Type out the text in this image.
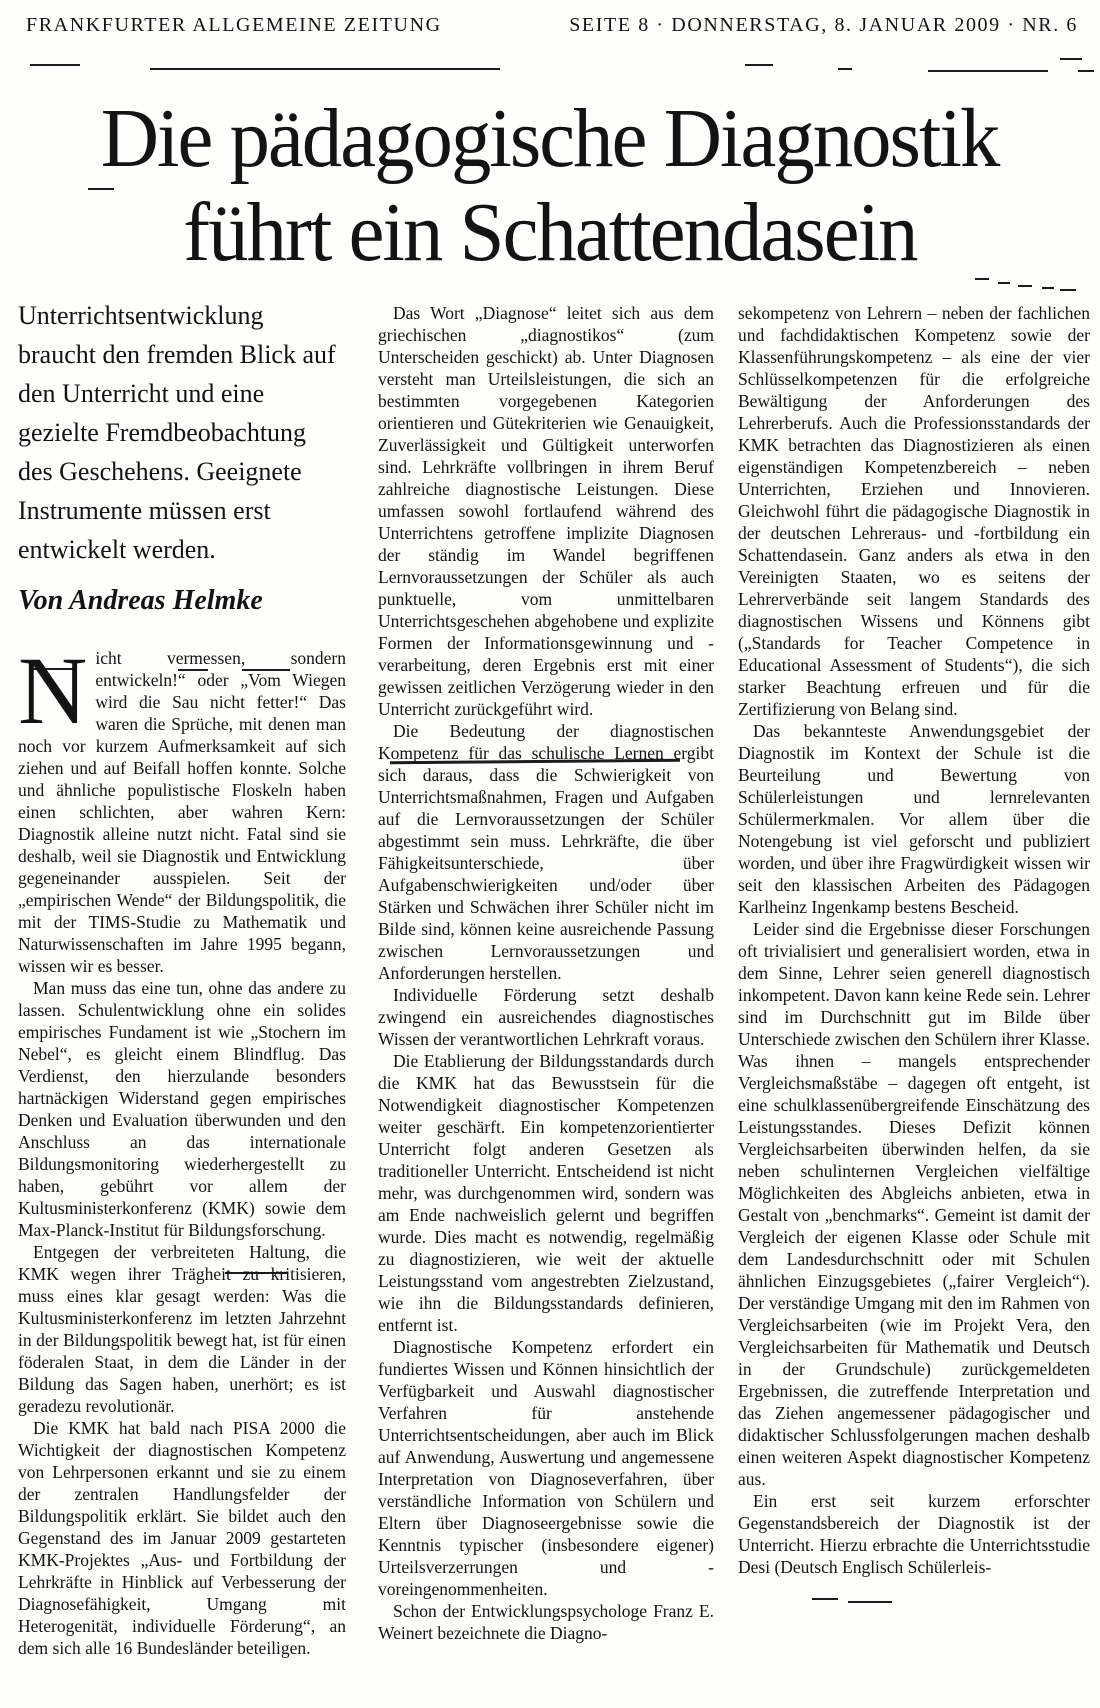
FRANKFURTER ALLGEMEINE ZEITUNG	SEITE 8 · DONNERSTAG, 8. JANUAR 2009 · NR. 6
Die pädagogische Diagnostik
führt ein Schattendasein

Unterrichtsentwicklung braucht den fremden Blick auf den Unterricht und eine gezielte Fremdbeobachtung des Geschehens. Geeignete Instrumente müssen erst entwickelt werden.

Von Andreas Helmke

Nicht vermessen, sondern entwickeln!“ oder „Vom Wiegen wird die Sau nicht fetter!“ Das waren die Sprüche, mit denen man noch vor kurzem Aufmerksamkeit auf sich ziehen und auf Beifall hoffen konnte. Solche und ähnliche populistische Floskeln haben einen schlichten, aber wahren Kern: Diagnostik alleine nutzt nicht. Fatal sind sie deshalb, weil sie Diagnostik und Entwicklung gegeneinander ausspielen. Seit der „empirischen Wende“ der Bildungspolitik, die mit der TIMS-Studie zu Mathematik und Naturwissenschaften im Jahre 1995 begann, wissen wir es besser.

Man muss das eine tun, ohne das andere zu lassen. Schulentwicklung ohne ein solides empirisches Fundament ist wie „Stochern im Nebel“, es gleicht einem Blindflug. Das Verdienst, den hierzulande besonders hartnäckigen Widerstand gegen empirisches Denken und Evaluation überwunden und den Anschluss an das internationale Bildungsmonitoring wiederhergestellt zu haben, gebührt vor allem der Kultusministerkonferenz (KMK) sowie dem Max-Planck-Institut für Bildungsforschung.

Entgegen der verbreiteten Haltung, die KMK wegen ihrer Trägheit zu kritisieren, muss eines klar gesagt werden: Was die Kultusministerkonferenz im letzten Jahrzehnt in der Bildungspolitik bewegt hat, ist für einen föderalen Staat, in dem die Länder in der Bildung das Sagen haben, unerhört; es ist geradezu revolutionär.

Die KMK hat bald nach PISA 2000 die Wichtigkeit der diagnostischen Kompetenz von Lehrpersonen erkannt und sie zu einem der zentralen Handlungsfelder der Bildungspolitik erklärt. Sie bildet auch den Gegenstand des im Januar 2009 gestarteten KMK-Projektes „Aus- und Fortbildung der Lehrkräfte in Hinblick auf Verbesserung der Diagnosefähigkeit, Umgang mit Heterogenität, individuelle Förderung“, an dem sich alle 16 Bundesländer beteiligen.

Das Wort „Diagnose“ leitet sich aus dem griechischen „diagnostikos“ (zum Unterscheiden geschickt) ab. Unter Diagnosen versteht man Urteilsleistungen, die sich an bestimmten vorgegebenen Kategorien orientieren und Gütekriterien wie Genauigkeit, Zuverlässigkeit und Gültigkeit unterworfen sind. Lehrkräfte vollbringen in ihrem Beruf zahlreiche diagnostische Leistungen. Diese umfassen sowohl fortlaufend während des Unterrichtens getroffene implizite Diagnosen der ständig im Wandel begriffenen Lernvoraussetzungen der Schüler als auch punktuelle, vom unmittelbaren Unterrichtsgeschehen abgehobene und explizite Formen der Informationsgewinnung und -verarbeitung, deren Ergebnis erst mit einer gewissen zeitlichen Verzögerung wieder in den Unterricht zurückgeführt wird.

Die Bedeutung der diagnostischen Kompetenz für das schulische Lernen ergibt sich daraus, dass die Schwierigkeit von Unterrichtsmaßnahmen, Fragen und Aufgaben auf die Lernvoraussetzungen der Schüler abgestimmt sein muss. Lehrkräfte, die über Fähigkeitsunterschiede, über Aufgabenschwierigkeiten und/oder über Stärken und Schwächen ihrer Schüler nicht im Bilde sind, können keine ausreichende Passung zwischen Lernvoraussetzungen und Anforderungen herstellen.

Individuelle Förderung setzt deshalb zwingend ein ausreichendes diagnostisches Wissen der verantwortlichen Lehrkraft voraus.

Die Etablierung der Bildungsstandards durch die KMK hat das Bewusstsein für die Notwendigkeit diagnostischer Kompetenzen weiter geschärft. Ein kompetenzorientierter Unterricht folgt anderen Gesetzen als traditioneller Unterricht. Entscheidend ist nicht mehr, was durchgenommen wird, sondern was am Ende nachweislich gelernt und begriffen wurde. Dies macht es notwendig, regelmäßig zu diagnostizieren, wie weit der aktuelle Leistungsstand vom angestrebten Zielzustand, wie ihn die Bildungsstandards definieren, entfernt ist.

Diagnostische Kompetenz erfordert ein fundiertes Wissen und Können hinsichtlich der Verfügbarkeit und Auswahl diagnostischer Verfahren für anstehende Unterrichtsentscheidungen, aber auch im Blick auf Anwendung, Auswertung und angemessene Interpretation von Diagnoseverfahren, über verständliche Information von Schülern und Eltern über Diagnoseergebnisse sowie die Kenntnis typischer (insbesondere eigener) Urteilsverzerrungen und -voreingenommenheiten.

Schon der Entwicklungspsychologe Franz E. Weinert bezeichnete die Diagno-

sekompetenz von Lehrern – neben der fachlichen und fachdidaktischen Kompetenz sowie der Klassenführungskompetenz – als eine der vier Schlüsselkompetenzen für die erfolgreiche Bewältigung der Anforderungen des Lehrerberufs. Auch die Professionsstandards der KMK betrachten das Diagnostizieren als einen eigenständigen Kompetenzbereich – neben Unterrichten, Erziehen und Innovieren. Gleichwohl führt die pädagogische Diagnostik in der deutschen Lehreraus- und -fortbildung ein Schattendasein. Ganz anders als etwa in den Vereinigten Staaten, wo es seitens der Lehrerverbände seit langem Standards des diagnostischen Wissens und Könnens gibt („Standards for Teacher Competence in Educational Assessment of Students“), die sich starker Beachtung erfreuen und für die Zertifizierung von Belang sind.

Das bekannteste Anwendungsgebiet der Diagnostik im Kontext der Schule ist die Beurteilung und Bewertung von Schülerleistungen und lernrelevanten Schülermerkmalen. Vor allem über die Notengebung ist viel geforscht und publiziert worden, und über ihre Fragwürdigkeit wissen wir seit den klassischen Arbeiten des Pädagogen Karlheinz Ingenkamp bestens Bescheid.

Leider sind die Ergebnisse dieser Forschungen oft trivialisiert und generalisiert worden, etwa in dem Sinne, Lehrer seien generell diagnostisch inkompetent. Davon kann keine Rede sein. Lehrer sind im Durchschnitt gut im Bilde über Unterschiede zwischen den Schülern ihrer Klasse. Was ihnen – mangels entsprechender Vergleichsmaßstäbe – dagegen oft entgeht, ist eine schulklassenübergreifende Einschätzung des Leistungsstandes. Dieses Defizit können Vergleichsarbeiten überwinden helfen, da sie neben schulinternen Vergleichen vielfältige Möglichkeiten des Abgleichs anbieten, etwa in Gestalt von „benchmarks“. Gemeint ist damit der Vergleich der eigenen Klasse oder Schule mit dem Landesdurchschnitt oder mit Schulen ähnlichen Einzugsgebietes („fairer Vergleich“). Der verständige Umgang mit den im Rahmen von Vergleichsarbeiten (wie im Projekt Vera, den Vergleichsarbeiten für Mathematik und Deutsch in der Grundschule) zurückgemeldeten Ergebnissen, die zutreffende Interpretation und das Ziehen angemessener pädagogischer und didaktischer Schlussfolgerungen machen deshalb einen weiteren Aspekt diagnostischer Kompetenz aus.

Ein erst seit kurzem erforschter Gegenstandsbereich der Diagnostik ist der Unterricht. Hierzu erbrachte die Unterrichtsstudie Desi (Deutsch Englisch Schülerleis-
